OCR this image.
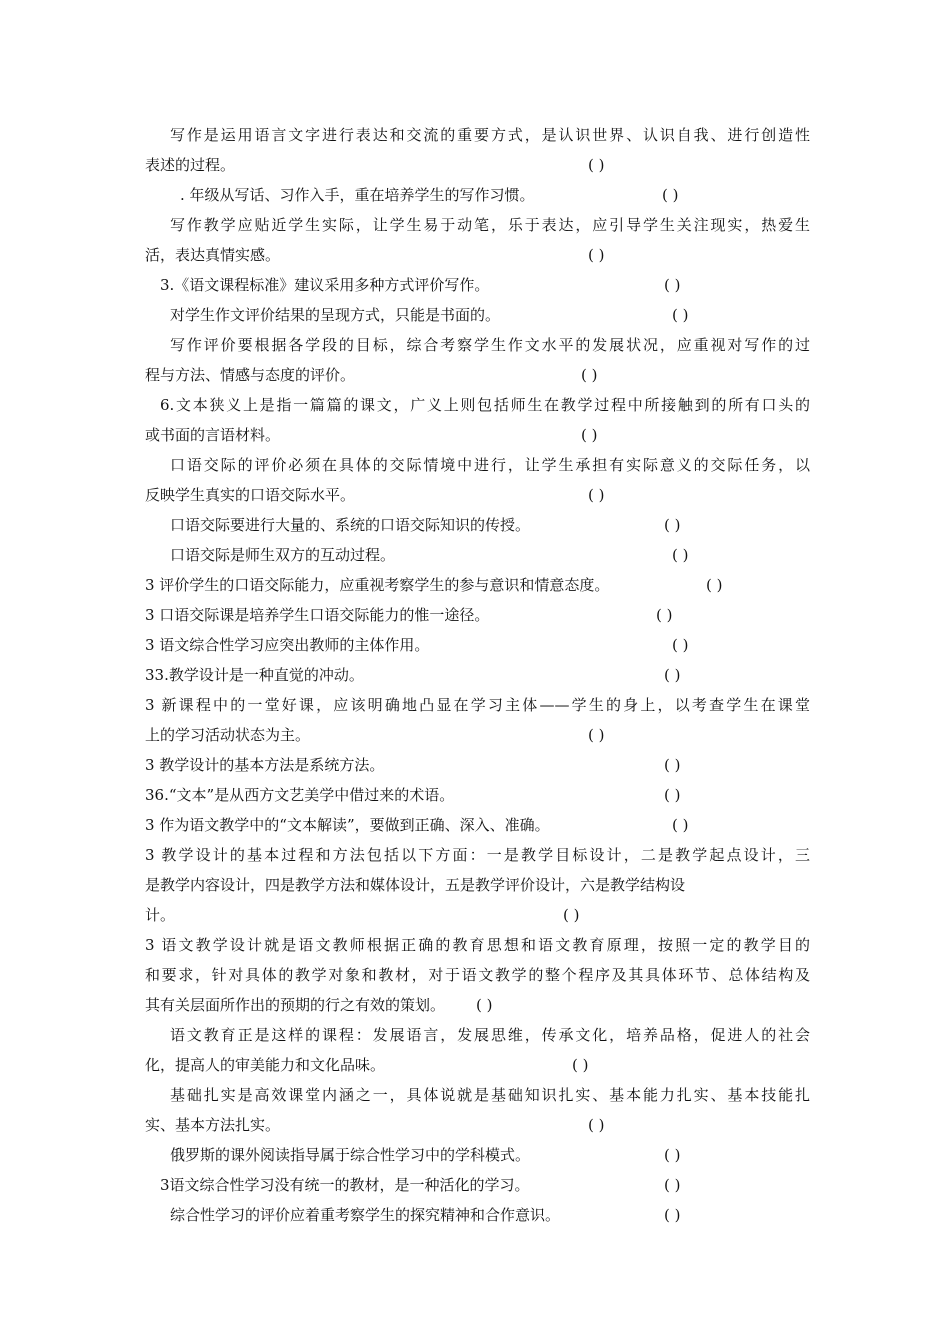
写作是运用语言文字进行表达和交流的重要方式，是认识世界、认识自我、进行创造性
表述的过程。	( )
. 年级从写话、习作入手，重在培养学生的写作习惯。	( )
写作教学应贴近学生实际，让学生易于动笔，乐于表达，应引导学生关注现实，热爱生
活，表达真情实感。	( )
3.《语文课程标准》建议采用多种方式评价写作。	( )
对学生作文评价结果的呈现方式，只能是书面的。	( )
写作评价要根据各学段的目标，综合考察学生作文水平的发展状况，应重视对写作的过
程与方法、情感与态度的评价。	( )
6.文本狭义上是指一篇篇的课文，广义上则包括师生在教学过程中所接触到的所有口头的
或书面的言语材料。	( )
口语交际的评价必须在具体的交际情境中进行，让学生承担有实际意义的交际任务，以
反映学生真实的口语交际水平。	( )
口语交际要进行大量的、系统的口语交际知识的传授。	( )
口语交际是师生双方的互动过程。	( )
3 评价学生的口语交际能力，应重视考察学生的参与意识和情意态度。	( )
3 口语交际课是培养学生口语交际能力的惟一途径。	( )
3 语文综合性学习应突出教师的主体作用。	( )
33.教学设计是一种直觉的冲动。	( )
3 新课程中的一堂好课，应该明确地凸显在学习主体——学生的身上，以考查学生在课堂
上的学习活动状态为主。	( )
3 教学设计的基本方法是系统方法。	( )
36.“文本”是从西方文艺美学中借过来的术语。	( )
3 作为语文教学中的“文本解读”，要做到正确、深入、准确。	( )
3 教学设计的基本过程和方法包括以下方面：一是教学目标设计，二是教学起点设计，三
是教学内容设计，四是教学方法和媒体设计，五是教学评价设计，六是教学结构设
计。	( )
3 语文教学设计就是语文教师根据正确的教育思想和语文教育原理，按照一定的教学目的
和要求，针对具体的教学对象和教材，对于语文教学的整个程序及其具体环节、总体结构及
其有关层面所作出的预期的行之有效的策划。	( )
语文教育正是这样的课程：发展语言，发展思维，传承文化，培养品格，促进人的社会
化，提高人的审美能力和文化品味。	( )
基础扎实是高效课堂内涵之一，具体说就是基础知识扎实、基本能力扎实、基本技能扎
实、基本方法扎实。	( )
俄罗斯的课外阅读指导属于综合性学习中的学科模式。	( )
3语文综合性学习没有统一的教材，是一种活化的学习。	( )
综合性学习的评价应着重考察学生的探究精神和合作意识。	( )
